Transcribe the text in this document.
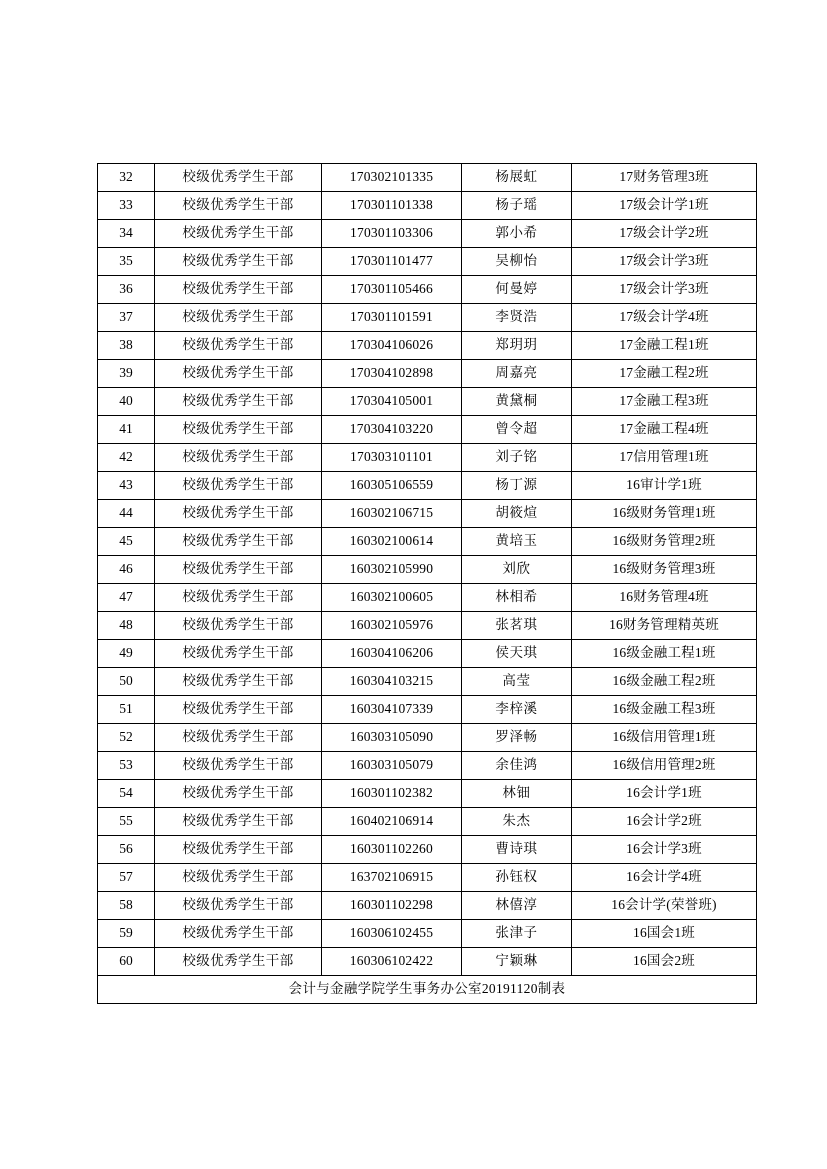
32	校级优秀学生干部	170302101335	杨展虹	17财务管理3班
33	校级优秀学生干部	170301101338	杨子瑶	17级会计学1班
34	校级优秀学生干部	170301103306	郭小希	17级会计学2班
35	校级优秀学生干部	170301101477	吴柳怡	17级会计学3班
36	校级优秀学生干部	170301105466	何曼婷	17级会计学3班
37	校级优秀学生干部	170301101591	李贤浩	17级会计学4班
38	校级优秀学生干部	170304106026	郑玥玥	17金融工程1班
39	校级优秀学生干部	170304102898	周嘉亮	17金融工程2班
40	校级优秀学生干部	170304105001	黄黛桐	17金融工程3班
41	校级优秀学生干部	170304103220	曾令超	17金融工程4班
42	校级优秀学生干部	170303101101	刘子铭	17信用管理1班
43	校级优秀学生干部	160305106559	杨丁源	16审计学1班
44	校级优秀学生干部	160302106715	胡筱煊	16级财务管理1班
45	校级优秀学生干部	160302100614	黄培玉	16级财务管理2班
46	校级优秀学生干部	160302105990	刘欣	16级财务管理3班
47	校级优秀学生干部	160302100605	林相希	16财务管理4班
48	校级优秀学生干部	160302105976	张茗琪	16财务管理精英班
49	校级优秀学生干部	160304106206	侯天琪	16级金融工程1班
50	校级优秀学生干部	160304103215	高莹	16级金融工程2班
51	校级优秀学生干部	160304107339	李梓溪	16级金融工程3班
52	校级优秀学生干部	160303105090	罗泽畅	16级信用管理1班
53	校级优秀学生干部	160303105079	余佳鸿	16级信用管理2班
54	校级优秀学生干部	160301102382	林钿	16会计学1班
55	校级优秀学生干部	160402106914	朱杰	16会计学2班
56	校级优秀学生干部	160301102260	曹诗琪	16会计学3班
57	校级优秀学生干部	163702106915	孙钰权	16会计学4班
58	校级优秀学生干部	160301102298	林僖淳	16会计学(荣誉班)
59	校级优秀学生干部	160306102455	张津子	16国会1班
60	校级优秀学生干部	160306102422	宁颖琳	16国会2班
会计与金融学院学生事务办公室20191120制表				
